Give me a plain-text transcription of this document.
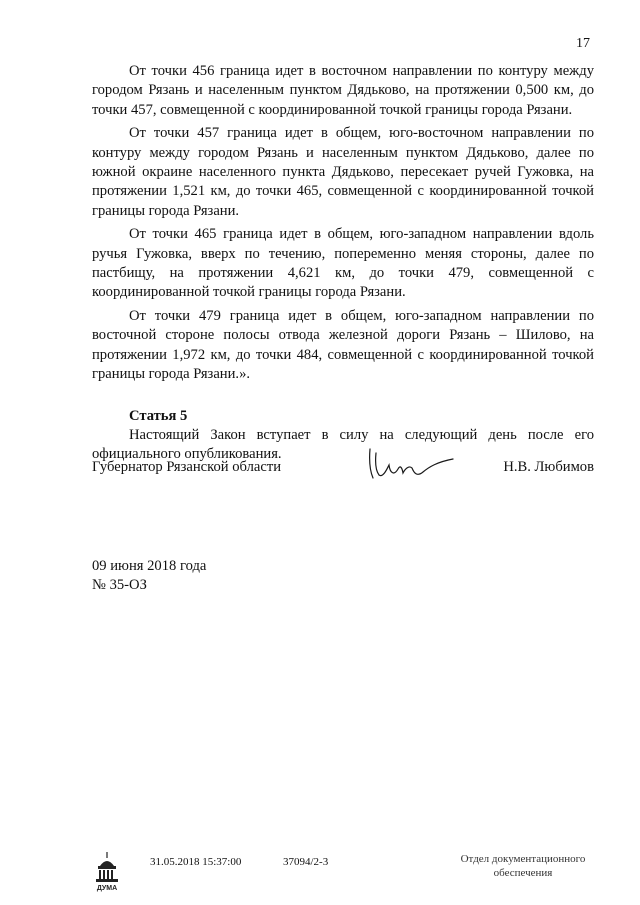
17

От точки 456 граница идет в восточном направлении по контуру между городом Рязань и населенным пунктом Дядьково, на протяжении 0,500 км, до точки 457, совмещенной с координированной точкой границы города Рязани.

От точки 457 граница идет в общем, юго-восточном направлении по контуру между городом Рязань и населенным пунктом Дядьково, далее по южной окраине населенного пункта Дядьково, пересекает ручей Гужовка, на протяжении 1,521 км, до точки 465, совмещенной с координированной точкой границы города Рязани.

От точки 465 граница идет в общем, юго-западном направлении вдоль ручья Гужовка, вверх по течению, попеременно меняя стороны, далее по пастбищу, на протяжении 4,621 км, до точки 479, совмещенной с координированной точкой границы города Рязани.

От точки 479 граница идет в общем, юго-западном направлении по восточной стороне полосы отвода железной дороги Рязань – Шилово, на протяжении 1,972 км, до точки 484, совмещенной с координированной точкой границы города Рязани.».

Статья 5

Настоящий Закон вступает в силу на следующий день после его официального опубликования.

Губернатор Рязанской области	Н.В. Любимов
09 июня 2018 года
№ 35-ОЗ
ДУМА
31.05.2018 15:37:00	37094/2-3	Отдел документационного
обеспечения
